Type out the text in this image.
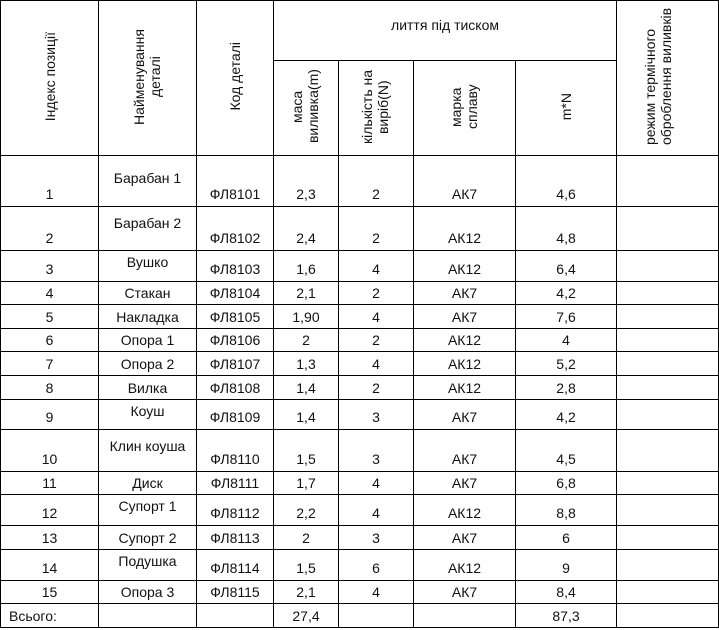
Індекс позиції	Найменування деталі	Код деталі	лиття під тиском				режим термічного оброблення виливків

			маса виливка(m)	кількість на виріб(N)	марка сплаву	m*N	
1	Барабан 1	ФЛ8101	2,3	2	АК7	4,6	
2	Барабан 2	ФЛ8102	2,4	2	АК12	4,8	
3	Вушко	ФЛ8103	1,6	4	АК12	6,4	
4	Стакан	ФЛ8104	2,1	2	АК7	4,2	
5	Накладка	ФЛ8105	1,90	4	АК7	7,6	
6	Опора 1	ФЛ8106	2	2	АК12	4	
7	Опора 2	ФЛ8107	1,3	4	АК12	5,2	
8	Вилка	ФЛ8108	1,4	2	АК12	2,8	
9	Коуш	ФЛ8109	1,4	3	АК7	4,2	
10	Клин коуша	ФЛ8110	1,5	3	АК7	4,5	
11	Диск	ФЛ8111	1,7	4	АК7	6,8	
12	Супорт 1	ФЛ8112	2,2	4	АК12	8,8	
13	Супорт 2	ФЛ8113	2	3	АК7	6	
14	Подушка	ФЛ8114	1,5	6	АК12	9	
15	Опора 3	ФЛ8115	2,1	4	АК7	8,4	
Всього:			27,4			87,3	
